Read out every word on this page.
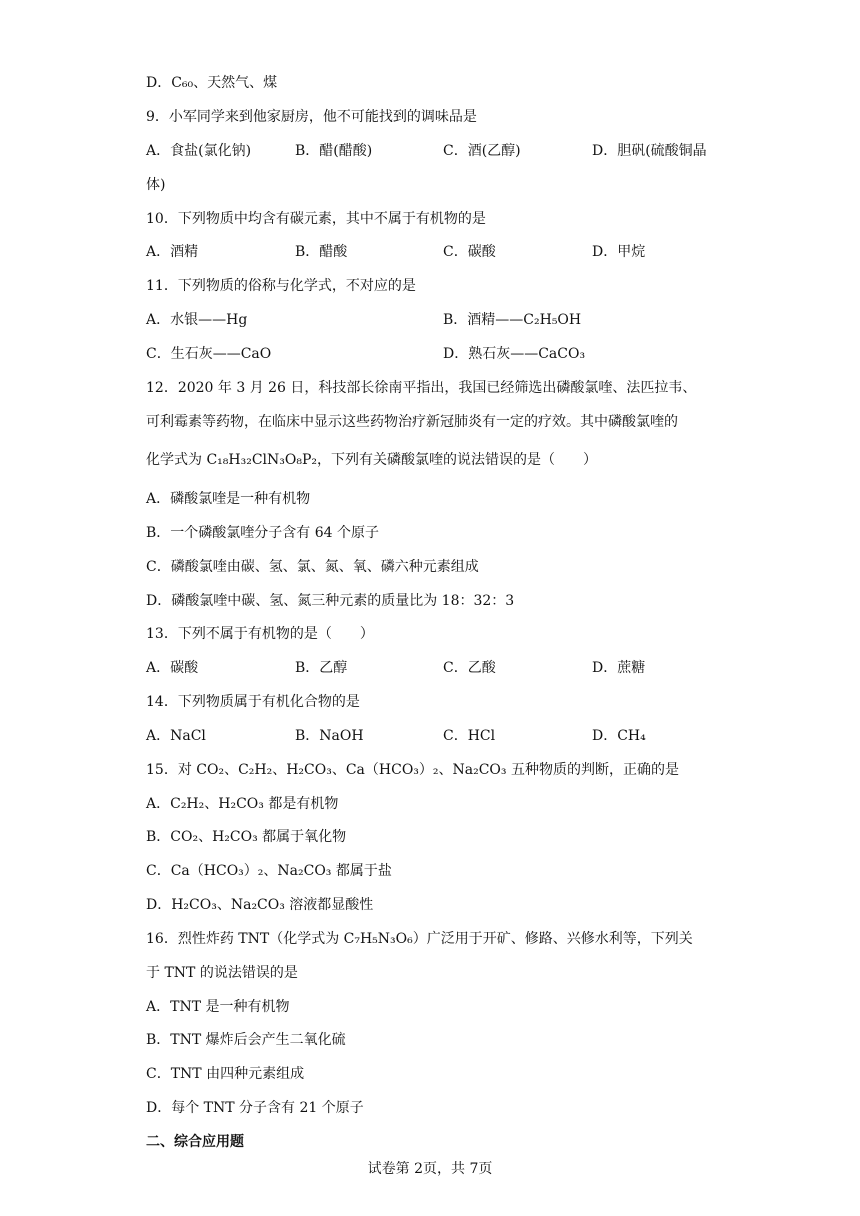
D．C₆₀、天然气、煤
9．小军同学来到他家厨房，他不可能找到的调味品是
A．食盐(氯化钠)	B．醋(醋酸)	C．酒(乙醇)	D．胆矾(硫酸铜晶
体)
10．下列物质中均含有碳元素，其中不属于有机物的是
A．酒精	B．醋酸	C．碳酸	D．甲烷
11．下列物质的俗称与化学式，不对应的是
A．水银——Hg	B．酒精——C₂H₅OH
C．生石灰——CaO	D．熟石灰——CaCO₃
12．2020 年 3 月 26 日，科技部长徐南平指出，我国已经筛选出磷酸氯喹、法匹拉韦、
可利霉素等药物，在临床中显示这些药物治疗新冠肺炎有一定的疗效。其中磷酸氯喹的
化学式为 C₁₈H₃₂ClN₃O₈P₂，下列有关磷酸氯喹的说法错误的是（　　）
A．磷酸氯喹是一种有机物
B．一个磷酸氯喹分子含有 64 个原子
C．磷酸氯喹由碳、氢、氯、氮、氧、磷六种元素组成
D．磷酸氯喹中碳、氢、氮三种元素的质量比为 18：32：3
13．下列不属于有机物的是（　　）
A．碳酸	B．乙醇	C．乙酸	D．蔗糖
14．下列物质属于有机化合物的是
A．NaCl	B．NaOH	C．HCl	D．CH₄
15．对 CO₂、C₂H₂、H₂CO₃、Ca（HCO₃）₂、Na₂CO₃ 五种物质的判断，正确的是
A．C₂H₂、H₂CO₃ 都是有机物
B．CO₂、H₂CO₃ 都属于氧化物
C．Ca（HCO₃）₂、Na₂CO₃ 都属于盐
D．H₂CO₃、Na₂CO₃ 溶液都显酸性
16．烈性炸药 TNT（化学式为 C₇H₅N₃O₆）广泛用于开矿、修路、兴修水利等，下列关
于 TNT 的说法错误的是
A．TNT 是一种有机物
B．TNT 爆炸后会产生二氧化硫
C．TNT 由四种元素组成
D．每个 TNT 分子含有 21 个原子
二、综合应用题
试卷第 2页，共 7页
